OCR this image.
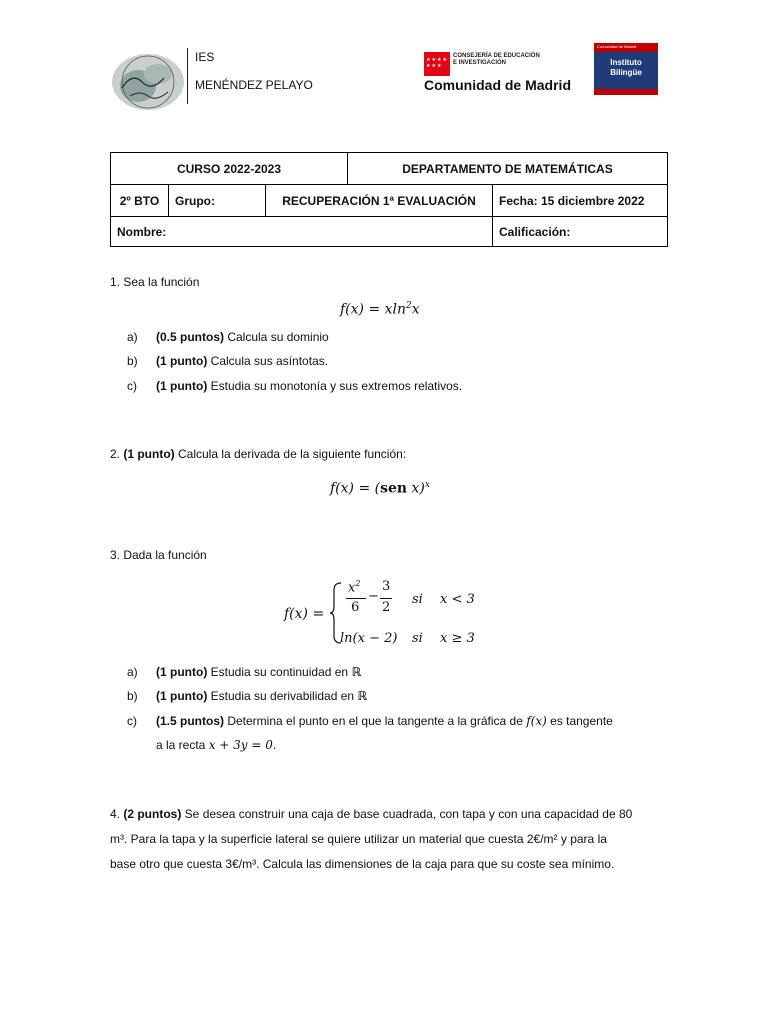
IES
MENÉNDEZ PELAYO
★★★★
★★★
CONSEJERÍA DE EDUCACIÓN E INVESTIGACIÓN
Comunidad de Madrid
Comunidad de Madrid
Instituto Bilingüe
CURSO 2022-2023	DEPARTAMENTO DE MATEMÁTICAS
2º BTO	Grupo:	RECUPERACIÓN 1ª EVALUACIÓN	Fecha: 15 diciembre 2022
Nombre:	Calificación:
1. Sea la función
f(x) = xln$^2$x
a) (0.5 puntos) Calcula su dominio
b) (1 punto) Calcula sus asíntotas.
c) (1 punto) Estudia su monotonía y sus extremos relativos.
2. (1 punto) Calcula la derivada de la siguiente función:
f(x) = (sen x)$^x$
3. Dada la función
f(x) =
$x^2$
6
−
3
2
si x < 3
ln(x − 2) si x ≥ 3
a) (1 punto) Estudia su continuidad en ℝ
b) (1 punto) Estudia su derivabilidad en ℝ
c) (1.5 puntos) Determina el punto en el que la tangente a la gráfica de f(x) es tangente
a la recta x + 3y = 0.
4. (2 puntos) Se desea construir una caja de base cuadrada, con tapa y con una capacidad de 80
m³. Para la tapa y la superficie lateral se quiere utilizar un material que cuesta 2€/m² y para la
base otro que cuesta 3€/m³. Calcula las dimensiones de la caja para que su coste sea mínimo.
